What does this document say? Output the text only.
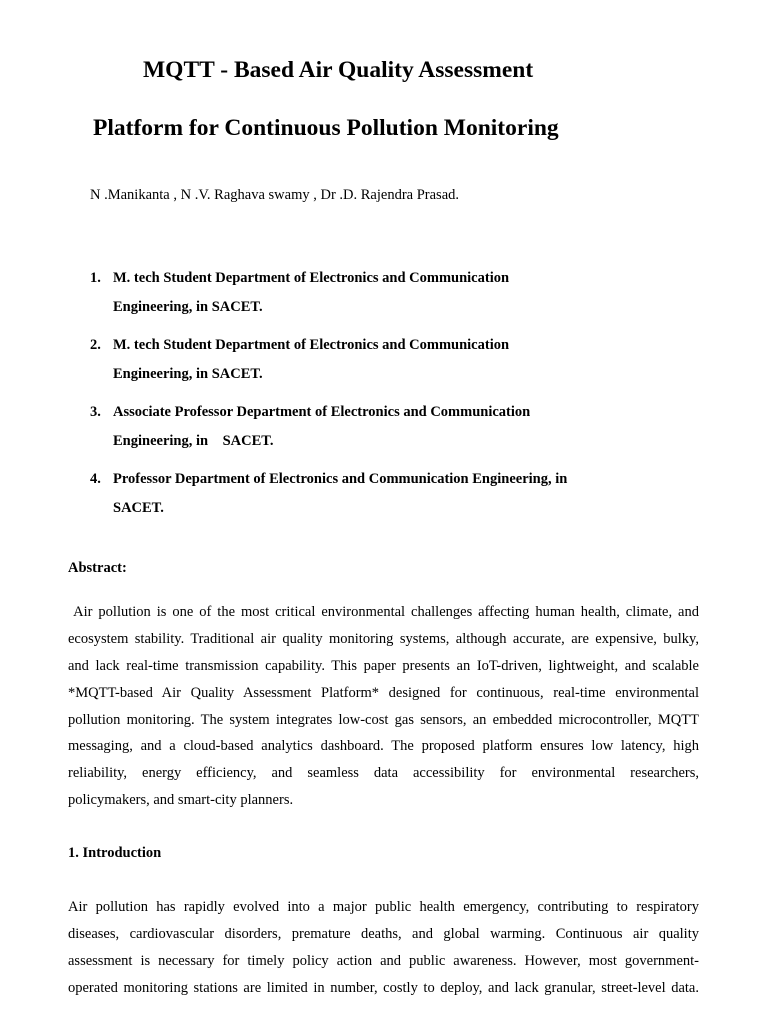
MQTT - Based Air Quality Assessment
Platform for Continuous Pollution Monitoring
N .Manikanta , N .V. Raghava swamy , Dr .D. Rajendra Prasad.
1. M. tech Student Department of Electronics and Communication
Engineering, in SACET.
2. M. tech Student Department of Electronics and Communication
Engineering, in SACET.
3. Associate Professor Department of Electronics and Communication
Engineering, in    SACET.
4. Professor Department of Electronics and Communication Engineering, in
SACET.
Abstract:
Air pollution is one of the most critical environmental challenges affecting human health, climate, and
ecosystem stability. Traditional air quality monitoring systems, although accurate, are expensive, bulky,
and lack real-time transmission capability. This paper presents an IoT-driven, lightweight, and scalable
*MQTT-based Air Quality Assessment Platform* designed for continuous, real-time environmental
pollution monitoring. The system integrates low-cost gas sensors, an embedded microcontroller, MQTT
messaging, and a cloud-based analytics dashboard. The proposed platform ensures low latency, high
reliability, energy efficiency, and seamless data accessibility for environmental researchers,
policymakers, and smart-city planners.
1. Introduction
Air pollution has rapidly evolved into a major public health emergency, contributing to respiratory
diseases, cardiovascular disorders, premature deaths, and global warming. Continuous air quality
assessment is necessary for timely policy action and public awareness. However, most government-
operated monitoring stations are limited in number, costly to deploy, and lack granular, street-level data.
